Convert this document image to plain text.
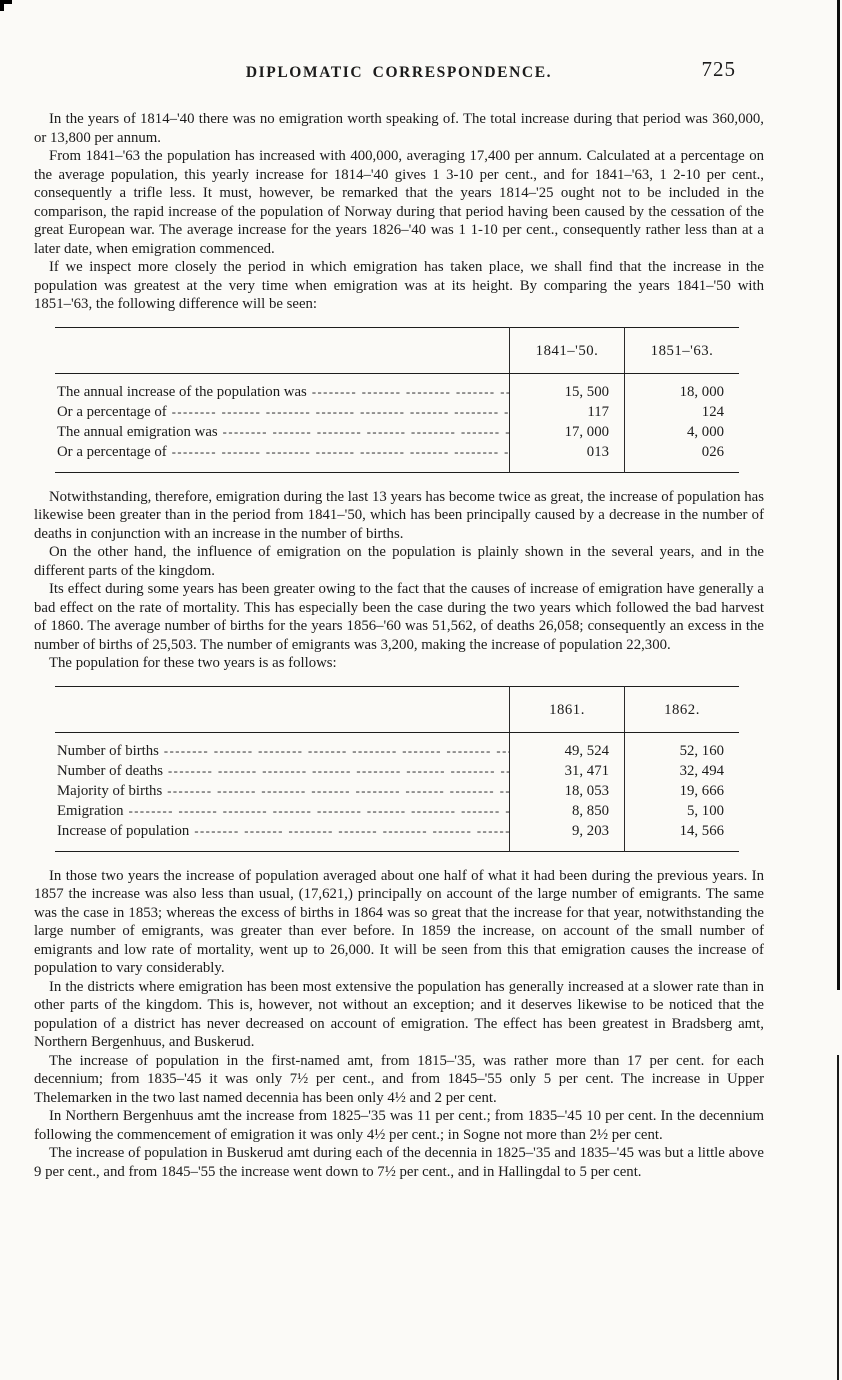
DIPLOMATIC CORRESPONDENCE.	725

In the years of 1814–'40 there was no emigration worth speaking of. The total increase during that period was 360,000, or 13,800 per annum.

From 1841–'63 the population has increased with 400,000, averaging 17,400 per annum. Calculated at a percentage on the average population, this yearly increase for 1814–'40 gives 1 3-10 per cent., and for 1841–'63, 1 2-10 per cent., consequently a trifle less. It must, however, be remarked that the years 1814–'25 ought not to be included in the comparison, the rapid increase of the population of Norway during that period having been caused by the cessation of the great European war. The average increase for the years 1826–'40 was 1 1-10 per cent., consequently rather less than at a later date, when emigration commenced.

If we inspect more closely the period in which emigration has taken place, we shall find that the increase in the population was greatest at the very time when emigration was at its height. By comparing the years 1841–'50 with 1851–'63, the following difference will be seen:

	1841–'50.	1851–'63.

The annual increase of the population was
-----	15, 500	18, 000

Or a percentage of
-----	117	124

The annual emigration was
-----	17, 000	4, 000

Or a percentage of
-----	013	026

Notwithstanding, therefore, emigration during the last 13 years has become twice as great, the increase of population has likewise been greater than in the period from 1841–'50, which has been principally caused by a decrease in the number of deaths in conjunction with an increase in the number of births.

On the other hand, the influence of emigration on the population is plainly shown in the several years, and in the different parts of the kingdom.

Its effect during some years has been greater owing to the fact that the causes of increase of emigration have generally a bad effect on the rate of mortality. This has especially been the case during the two years which followed the bad harvest of 1860. The average number of births for the years 1856–'60 was 51,562, of deaths 26,058; consequently an excess in the number of births of 25,503. The number of emigrants was 3,200, making the increase of population 22,300.

The population for these two years is as follows:

	1861.	1862.

Number of births
-----	49, 524	52, 160

Number of deaths
-----	31, 471	32, 494

Majority of births
-----	18, 053	19, 666

Emigration
-----	8, 850	5, 100

Increase of population
-----	9, 203	14, 566

In those two years the increase of population averaged about one half of what it had been during the previous years. In 1857 the increase was also less than usual, (17,621,) principally on account of the large number of emigrants. The same was the case in 1853; whereas the excess of births in 1864 was so great that the increase for that year, notwithstanding the large number of emigrants, was greater than ever before. In 1859 the increase, on account of the small number of emigrants and low rate of mortality, went up to 26,000. It will be seen from this that emigration causes the increase of population to vary considerably.

In the districts where emigration has been most extensive the population has generally increased at a slower rate than in other parts of the kingdom. This is, however, not without an exception; and it deserves likewise to be noticed that the population of a district has never decreased on account of emigration. The effect has been greatest in Bradsberg amt, Northern Bergenhuus, and Buskerud.

The increase of population in the first-named amt, from 1815–'35, was rather more than 17 per cent. for each decennium; from 1835–'45 it was only 7½ per cent., and from 1845–'55 only 5 per cent. The increase in Upper Thelemarken in the two last named decennia has been only 4½ and 2 per cent.

In Northern Bergenhuus amt the increase from 1825–'35 was 11 per cent.; from 1835–'45 10 per cent. In the decennium following the commencement of emigration it was only 4½ per cent.; in Sogne not more than 2½ per cent.

The increase of population in Buskerud amt during each of the decennia in 1825–'35 and 1835–'45 was but a little above 9 per cent., and from 1845–'55 the increase went down to 7½ per cent., and in Hallingdal to 5 per cent.
